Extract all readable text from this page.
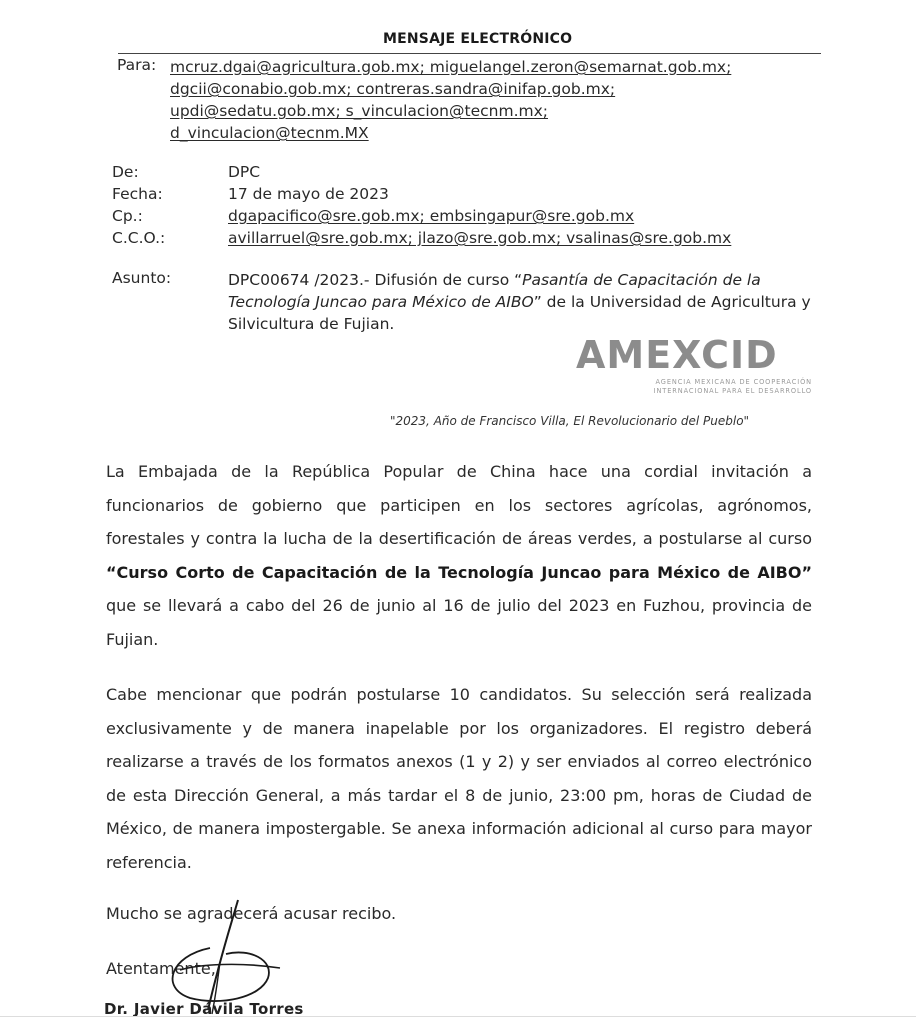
MENSAJE ELECTRÓNICO
Para: mcruz.dgai@agricultura.gob.mx; miguelangel.zeron@semarnat.gob.mx;
dgcii@conabio.gob.mx; contreras.sandra@inifap.gob.mx;
updi@sedatu.gob.mx; s_vinculacion@tecnm.mx;
d_vinculacion@tecnm.MX
De:
Fecha:
Cp.:
C.C.O.:
DPC
17 de mayo de 2023
dgapacifico@sre.gob.mx; embsingapur@sre.gob.mx
avillarruel@sre.gob.mx; jlazo@sre.gob.mx; vsalinas@sre.gob.mx
Asunto:	DPC00674 /2023.- Difusión de curso “Pasantía de Capacitación de la Tecnología Juncao para México de AIBO” de la Universidad de Agricultura y Silvicultura de Fujian.
AMEXCID
AGENCIA MEXICANA DE COOPERACIÓN
INTERNACIONAL PARA EL DESARROLLO
"2023, Año de Francisco Villa, El Revolucionario del Pueblo"
La Embajada de la República Popular de China hace una cordial invitación a funcionarios de gobierno que participen en los sectores agrícolas, agrónomos, forestales y contra la lucha de la desertificación de áreas verdes, a postularse al curso “Curso Corto de Capacitación de la Tecnología Juncao para México de AIBO” que se llevará a cabo del 26 de junio al 16 de julio del 2023 en Fuzhou, provincia de Fujian.
Cabe mencionar que podrán postularse 10 candidatos. Su selección será realizada exclusivamente y de manera inapelable por los organizadores. El registro deberá realizarse a través de los formatos anexos (1 y 2) y ser enviados al correo electrónico de esta Dirección General, a más tardar el 8 de junio, 23:00 pm, horas de Ciudad de México, de manera impostergable. Se anexa información adicional al curso para mayor referencia.
Mucho se agradecerá acusar recibo.
Atentamente,
Dr. Javier Dávila Torres
